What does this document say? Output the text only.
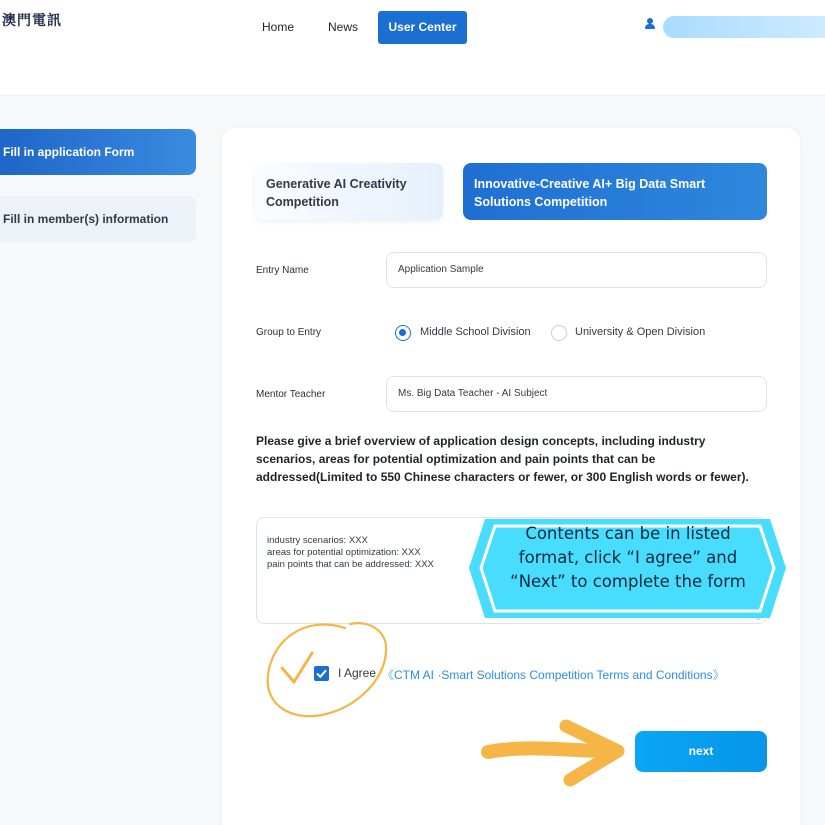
澳門電訊	Home	News	User Center
Fill in application Form
Fill in member(s) information
Generative AI Creativity Competition
Innovative-Creative AI+ Big Data Smart Solutions Competition
Entry Name	Application Sample
Group to Entry	Middle School Division	University & Open Division
Mentor Teacher	Ms. Big Data Teacher - AI Subject
Please give a brief overview of application design concepts, including industry scenarios, areas for potential optimization and pain points that can be addressed(Limited to 550 Chinese characters or fewer, or 300 English words or fewer).
industry scenarios: XXX
areas for potential optimization: XXX
pain points that can be addressed: XXX
Contents can be in listed format, click “I agree” and “Next” to complete the form
I Agree 《CTM AI ·Smart Solutions Competition Terms and Conditions》
next
